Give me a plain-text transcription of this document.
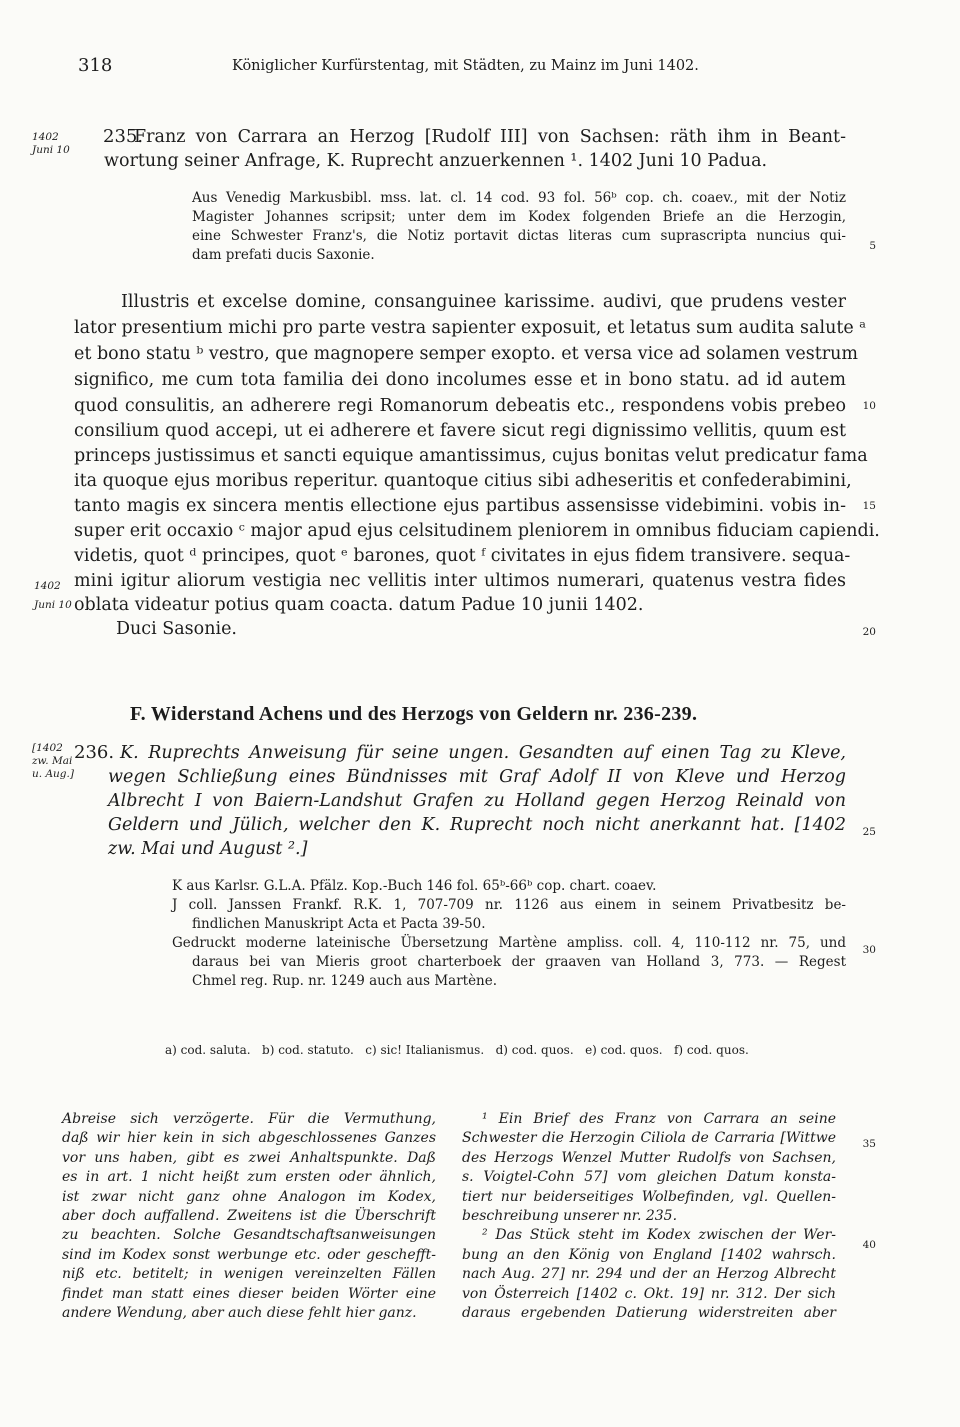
318	Königlicher Kurfürstentag, mit Städten, zu Mainz im Juni 1402.
1402
Juni 10
235.
Franz von Carrara an Herzog [Rudolf III] von Sachsen: räth ihm in Beant-
wortung seiner Anfrage, K. Ruprecht anzuerkennen ¹. 1402 Juni 10 Padua.
Aus Venedig Markusbibl. mss. lat. cl. 14 cod. 93 fol. 56ᵇ cop. ch. coaev., mit der Notiz
Magister Johannes scripsit; unter dem im Kodex folgenden Briefe an die Herzogin,
eine Schwester Franz's, die Notiz portavit dictas literas cum suprascripta nuncius qui-
dam prefati ducis Saxonie.
5
Illustris et excelse domine, consanguinee karissime. audivi, que prudens vester
lator presentium michi pro parte vestra sapienter exposuit, et letatus sum audita salute ᵃ
et bono statu ᵇ vestro, que magnopere semper exopto. et versa vice ad solamen vestrum
significo, me cum tota familia dei dono incolumes esse et in bono statu. ad id autem
quod consulitis, an adherere regi Romanorum debeatis etc., respondens vobis prebeo
consilium quod accepi, ut ei adherere et favere sicut regi dignissimo vellitis, quum est
princeps justissimus et sancti equique amantissimus, cujus bonitas velut predicatur fama
ita quoque ejus moribus reperitur. quantoque citius sibi adheseritis et confederabimini,
tanto magis ex sincera mentis ellectione ejus partibus assensisse videbimini. vobis in-
super erit occaxio ᶜ major apud ejus celsitudinem pleniorem in omnibus fiduciam capiendi.
videtis, quot ᵈ principes, quot ᵉ barones, quot ᶠ civitates in ejus fidem transivere. sequa-
mini igitur aliorum vestigia nec vellitis inter ultimos numerari, quatenus vestra fides
oblata videatur potius quam coacta. datum Padue 10 junii 1402.
Duci Sasonie.
10
15
20
1402
Juni 10
F. Widerstand Achens und des Herzogs von Geldern nr. 236-239.
[1402
zw. Mai
u. Aug.]
236. K. Ruprechts Anweisung für seine ungen. Gesandten auf einen Tag zu Kleve,
wegen Schließung eines Bündnisses mit Graf Adolf II von Kleve und Herzog
Albrecht I von Baiern-Landshut Grafen zu Holland gegen Herzog Reinald von
Geldern und Jülich, welcher den K. Ruprecht noch nicht anerkannt hat. [1402
zw. Mai und August ².]
25
K aus Karlsr. G.L.A. Pfälz. Kop.-Buch 146 fol. 65ᵇ-66ᵇ cop. chart. coaev.
J coll. Janssen Frankf. R.K. 1, 707-709 nr. 1126 aus einem in seinem Privatbesitz be-
findlichen Manuskript Acta et Pacta 39-50.
Gedruckt moderne lateinische Übersetzung Martène ampliss. coll. 4, 110-112 nr. 75, und
daraus bei van Mieris groot charterboek der graaven van Holland 3, 773. — Regest
Chmel reg. Rup. nr. 1249 auch aus Martène.
30
a) cod. saluta.   b) cod. statuto.   c) sic! Italianismus.   d) cod. quos.   e) cod. quos.   f) cod. quos.
Abreise sich verzögerte. Für die Vermuthung,
daß wir hier kein in sich abgeschlossenes Ganzes
vor uns haben, gibt es zwei Anhaltspunkte. Daß
es in art. 1 nicht heißt zum ersten oder ähnlich,
ist zwar nicht ganz ohne Analogon im Kodex,
aber doch auffallend. Zweitens ist die Überschrift
zu beachten. Solche Gesandtschaftsanweisungen
sind im Kodex sonst werbunge etc. oder geschefft-
niß etc. betitelt; in wenigen vereinzelten Fällen
findet man statt eines dieser beiden Wörter eine
andere Wendung, aber auch diese fehlt hier ganz.
¹ Ein Brief des Franz von Carrara an seine
Schwester die Herzogin Ciliola de Carraria [Wittwe
des Herzogs Wenzel Mutter Rudolfs von Sachsen,
s. Voigtel-Cohn 57] vom gleichen Datum konsta-
tiert nur beiderseitiges Wolbefinden, vgl. Quellen-
beschreibung unserer nr. 235.
² Das Stück steht im Kodex zwischen der Wer-
bung an den König von England [1402 wahrsch.
nach Aug. 27] nr. 294 und der an Herzog Albrecht
von Österreich [1402 c. Okt. 19] nr. 312. Der sich
daraus ergebenden Datierung widerstreiten aber
35
40
